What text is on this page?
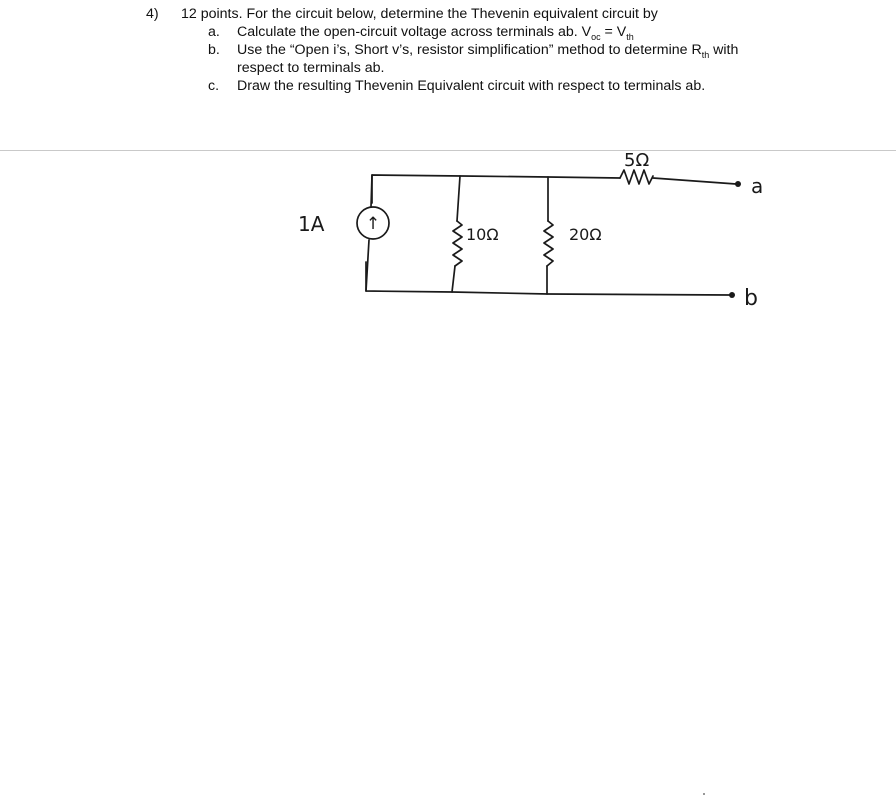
4) 12 points. For the circuit below, determine the Thevenin equivalent circuit by
a. Calculate the open-circuit voltage across terminals ab. $V_{oc} = V_{th}$
b. Use the “Open i’s, Short v’s, resistor simplification” method to determine $R_{th}$ with
respect to terminals ab.
c. Draw the resulting Thevenin Equivalent circuit with respect to terminals ab.
↑
1A	10Ω	20Ω
5Ω
a
b
